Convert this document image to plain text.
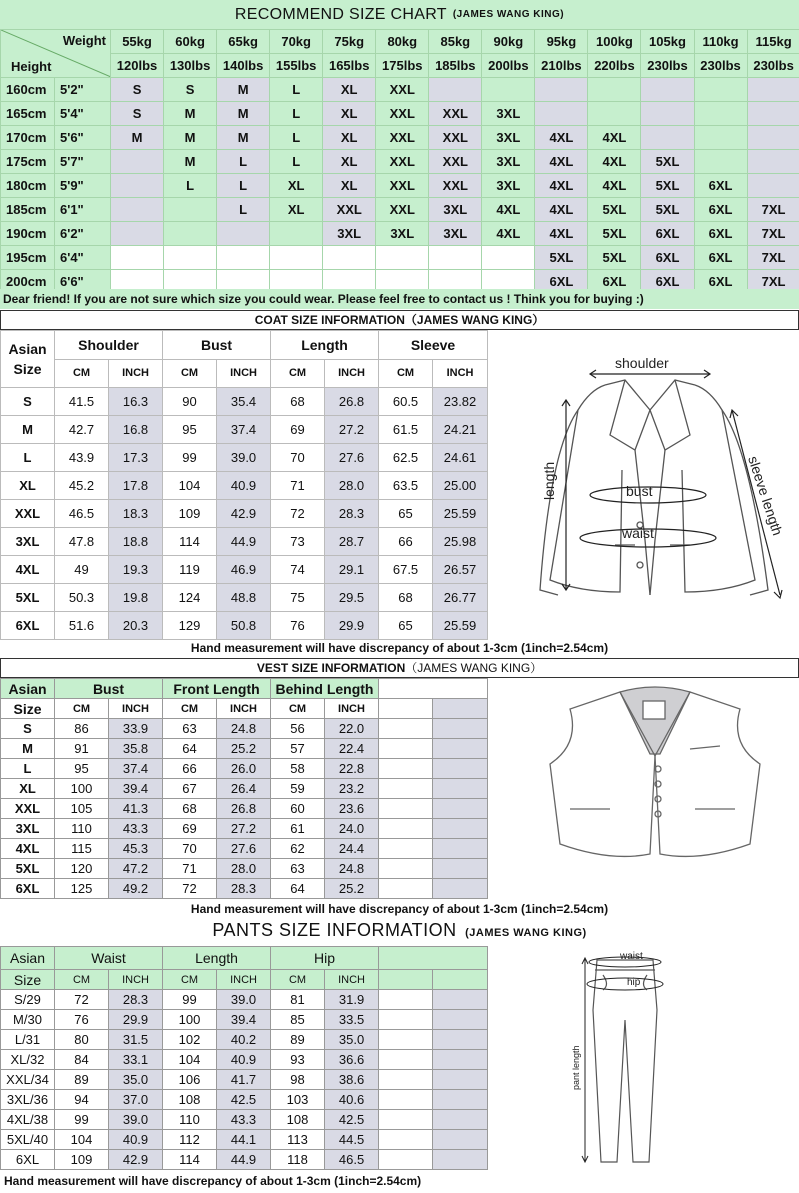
RECOMMEND SIZE CHART (JAMES WANG KING)
Weight
Height		55kg	60kg	65kg	70kg	75kg	80kg	85kg	90kg	95kg	100kg	105kg	110kg	115kg
		120lbs	130lbs	140lbs	155lbs	165lbs	175lbs	185lbs	200lbs	210lbs	220lbs	230lbs	230lbs	230lbs
160cm	5'2"	S	S	M	L	XL	XXL							
165cm	5'4"	S	M	M	L	XL	XXL	XXL	3XL					
170cm	5'6"	M	M	M	L	XL	XXL	XXL	3XL	4XL	4XL			
175cm	5'7"		M	L	L	XL	XXL	XXL	3XL	4XL	4XL	5XL		
180cm	5'9"		L	L	XL	XL	XXL	XXL	3XL	4XL	4XL	5XL	6XL	
185cm	6'1"			L	XL	XXL	XXL	3XL	4XL	4XL	5XL	5XL	6XL	7XL
190cm	6'2"					3XL	3XL	3XL	4XL	4XL	5XL	6XL	6XL	7XL
195cm	6'4"									5XL	5XL	6XL	6XL	7XL
200cm	6'6"									6XL	6XL	6XL	6XL	7XL
Dear friend! If you are not sure which size you could wear. Please feel free to contact us ! Think you for buying :)
COAT SIZE INFORMATION（JAMES WANG KING）
Asian
Size	Shoulder		Bust		Length		Sleeve	
	CM	INCH	CM	INCH	CM	INCH	CM	INCH
S	41.5	16.3	90	35.4	68	26.8	60.5	23.82
M	42.7	16.8	95	37.4	69	27.2	61.5	24.21
L	43.9	17.3	99	39.0	70	27.6	62.5	24.61
XL	45.2	17.8	104	40.9	71	28.0	63.5	25.00
XXL	46.5	18.3	109	42.9	72	28.3	65	25.59
3XL	47.8	18.8	114	44.9	73	28.7	66	25.98
4XL	49	19.3	119	46.9	74	29.1	67.5	26.57
5XL	50.3	19.8	124	48.8	75	29.5	68	26.77
6XL	51.6	20.3	129	50.8	76	29.9	65	25.59
Hand measurement will have discrepancy of about 1-3cm (1inch=2.54cm)
shoulder
length	bust
waist	sleeve length
VEST SIZE INFORMATION（JAMES WANG KING）
Asian	Bust		Front Length		Behind Length			
Size	CM	INCH	CM	INCH	CM	INCH		
S	86	33.9	63	24.8	56	22.0		
M	91	35.8	64	25.2	57	22.4		
L	95	37.4	66	26.0	58	22.8		
XL	100	39.4	67	26.4	59	23.2		
XXL	105	41.3	68	26.8	60	23.6		
3XL	110	43.3	69	27.2	61	24.0		
4XL	115	45.3	70	27.6	62	24.4		
5XL	120	47.2	71	28.0	63	24.8		
6XL	125	49.2	72	28.3	64	25.2		
Hand measurement will have discrepancy of about 1-3cm (1inch=2.54cm)
PANTS SIZE INFORMATION (JAMES WANG KING)
Asian	Waist		Length		Hip			
Size	CM	INCH	CM	INCH	CM	INCH		
S/29	72	28.3	99	39.0	81	31.9		
M/30	76	29.9	100	39.4	85	33.5		
L/31	80	31.5	102	40.2	89	35.0		
XL/32	84	33.1	104	40.9	93	36.6		
XXL/34	89	35.0	106	41.7	98	38.6		
3XL/36	94	37.0	108	42.5	103	40.6		
4XL/38	99	39.0	110	43.3	108	42.5		
5XL/40	104	40.9	112	44.1	113	44.5		
6XL	109	42.9	114	44.9	118	46.5		
Hand measurement will have discrepancy of about 1-3cm (1inch=2.54cm)
waist
hip
pant length
